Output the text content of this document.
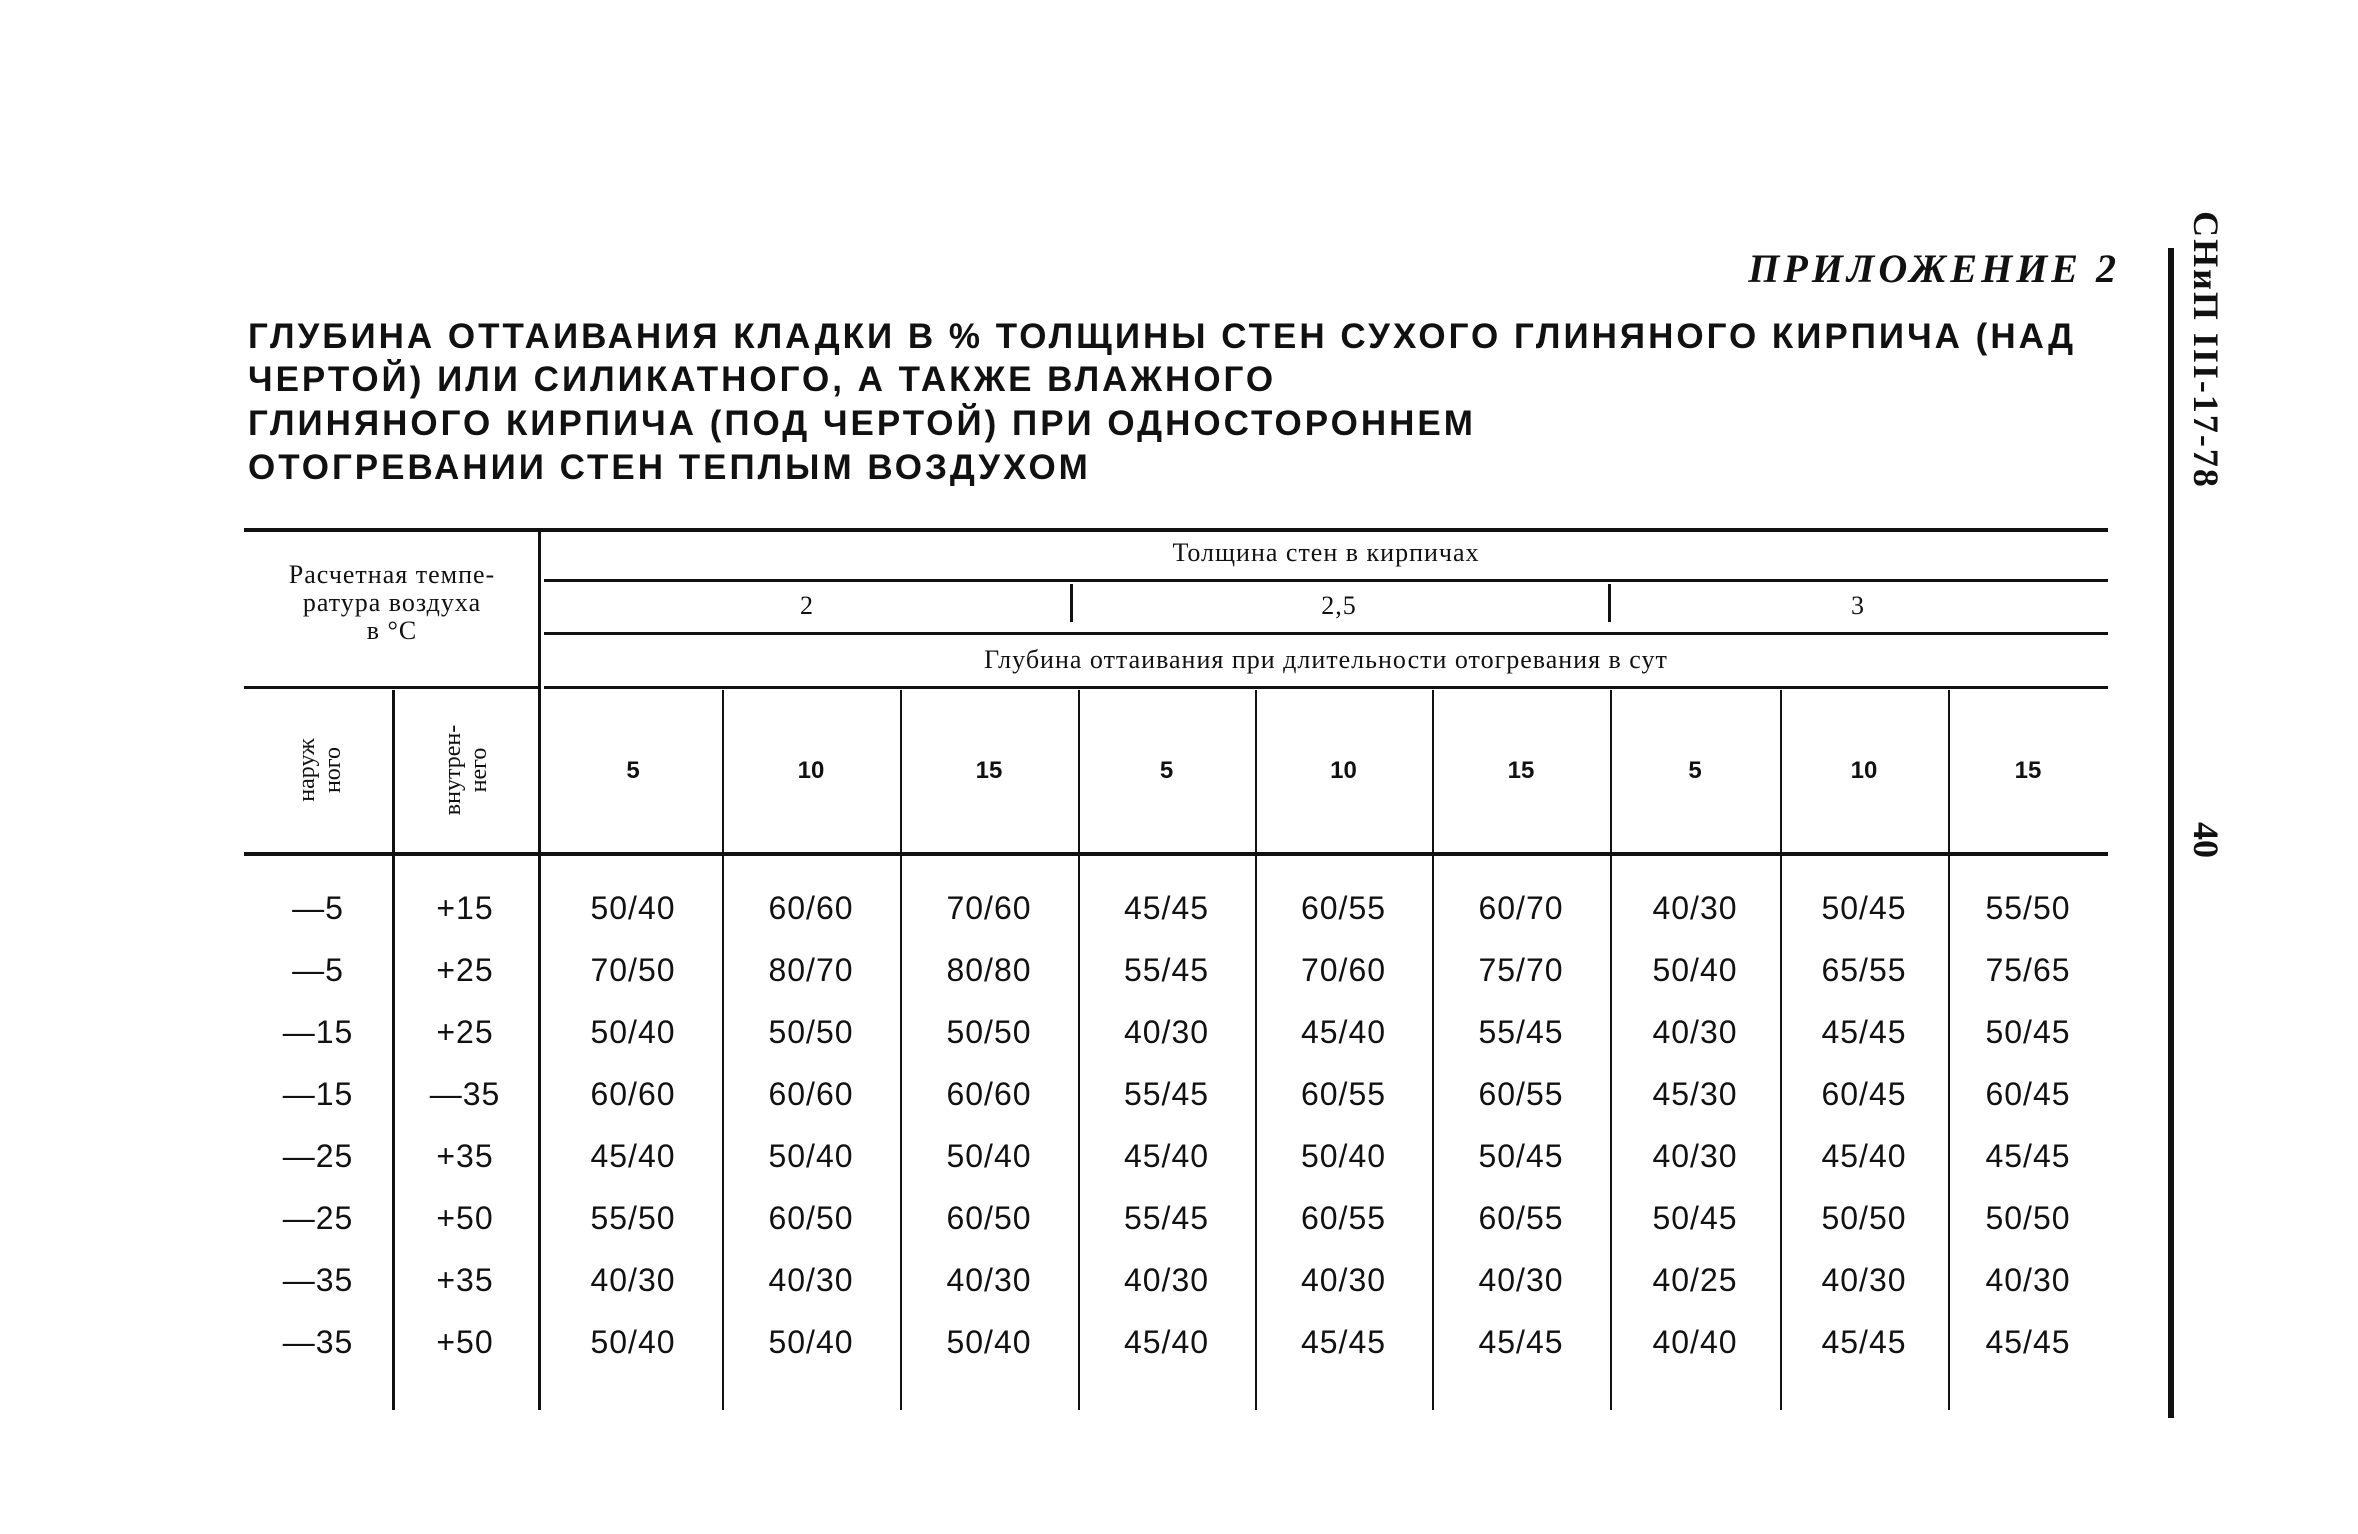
ПРИЛОЖЕНИЕ 2
ГЛУБИНА ОТТАИВАНИЯ КЛАДКИ В % ТОЛЩИНЫ СТЕН СУХОГО ГЛИНЯНОГО КИРПИЧА (НАД
ЧЕРТОЙ) ИЛИ СИЛИКАТНОГО, А ТАКЖЕ ВЛАЖНОГО
ГЛИНЯНОГО КИРПИЧА (ПОД ЧЕРТОЙ) ПРИ ОДНОСТОРОННЕМ
ОТОГРЕВАНИИ СТЕН ТЕПЛЫМ ВОЗДУХОМ	СНиП III-17-78
40
Расчетная темпе-
ратура воздуха
в °С
наруж
ного	внутрен-
него
Толщина стен в кирпичах
2	2,5	3
Глубина оттаивания при длительности отогревания в сут
5	10	15	5	10	15	5	10	15
—5	+15	50/40	60/60	70/60	45/45	60/55	60/70	40/30	50/45	55/50
—5	+25	70/50	80/70	80/80	55/45	70/60	75/70	50/40	65/55	75/65
—15	+25	50/40	50/50	50/50	40/30	45/40	55/45	40/30	45/45	50/45
—15	—35	60/60	60/60	60/60	55/45	60/55	60/55	45/30	60/45	60/45
—25	+35	45/40	50/40	50/40	45/40	50/40	50/45	40/30	45/40	45/45
—25	+50	55/50	60/50	60/50	55/45	60/55	60/55	50/45	50/50	50/50
—35	+35	40/30	40/30	40/30	40/30	40/30	40/30	40/25	40/30	40/30
—35	+50	50/40	50/40	50/40	45/40	45/45	45/45	40/40	45/45	45/45
